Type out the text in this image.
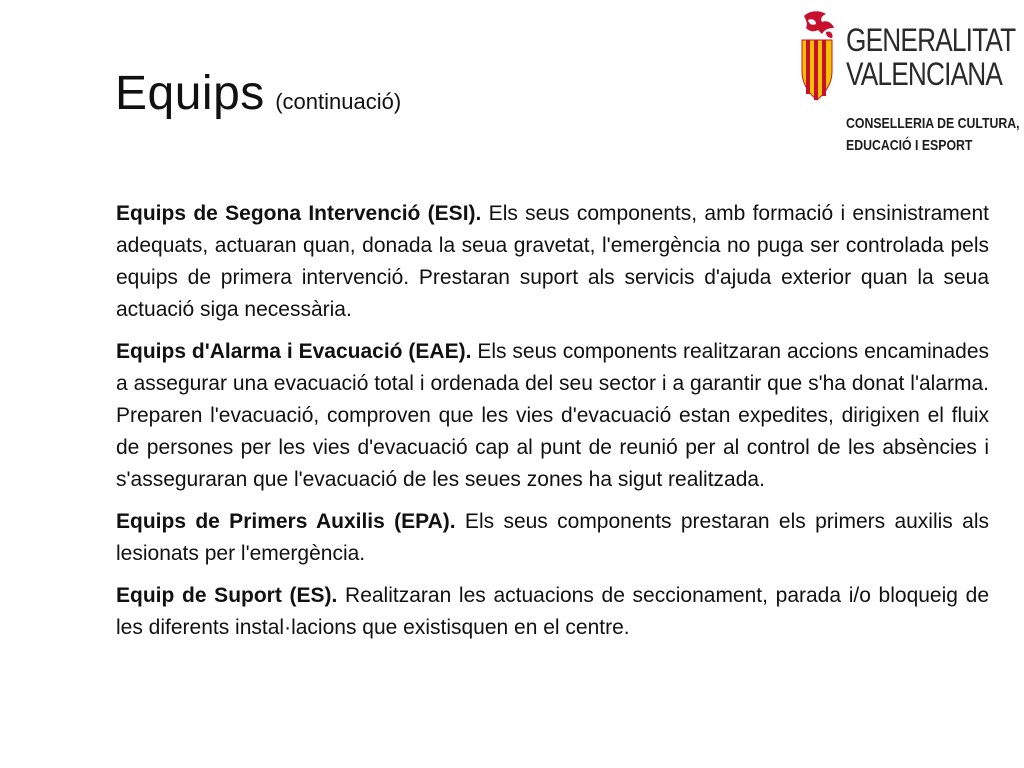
Equips (continuació)
GENERALITAT
VALENCIANA
CONSELLERIA DE CULTURA,
EDUCACIÓ I ESPORT

Equips de Segona Intervenció (ESI). Els seus components, amb formació i ensinistrament adequats, actuaran quan, donada la seua gravetat, l'emergència no puga ser controlada pels equips de primera intervenció. Prestaran suport als servicis d'ajuda exterior quan la seua actuació siga necessària.

Equips d'Alarma i Evacuació (EAE). Els seus components realitzaran accions encaminades a assegurar una evacuació total i ordenada del seu sector i a garantir que s'ha donat l'alarma. Preparen l'evacuació, comproven que les vies d'evacuació estan expedites, dirigixen el fluix de persones per les vies d'evacuació cap al punt de reunió per al control de les absències i s'asseguraran que l'evacuació de les seues zones ha sigut realitzada.

Equips de Primers Auxilis (EPA). Els seus components prestaran els primers auxilis als lesionats per l'emergència.

Equip de Suport (ES). Realitzaran les actuacions de seccionament, parada i/o bloqueig de les diferents instal·lacions que existisquen en el centre.
